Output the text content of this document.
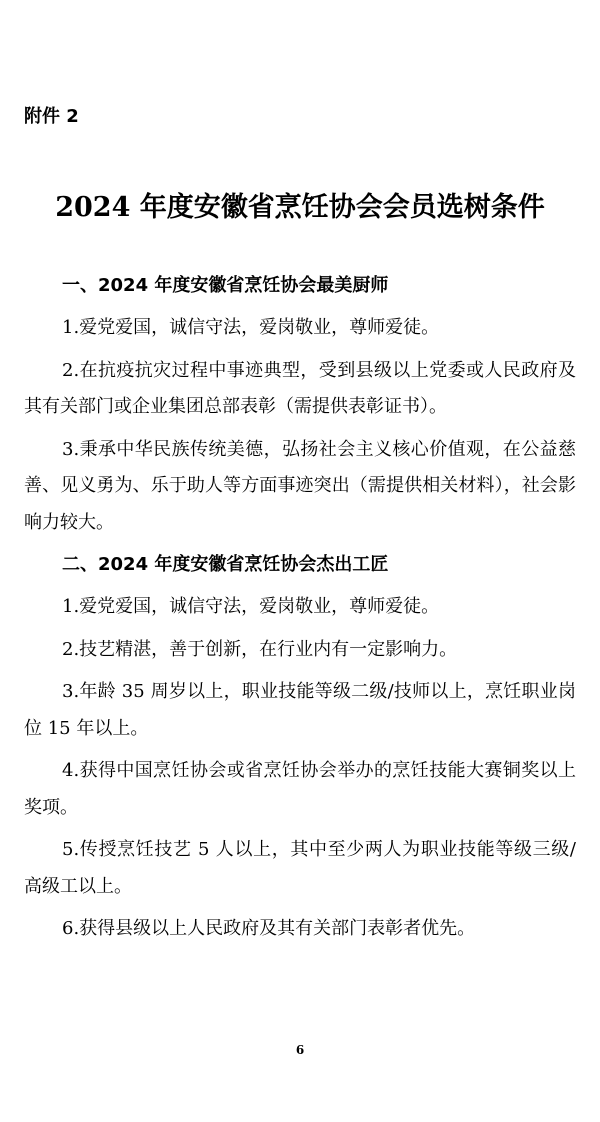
附件 2

2024 年度安徽省烹饪协会会员选树条件

一、2024 年度安徽省烹饪协会最美厨师

1.爱党爱国，诚信守法，爱岗敬业，尊师爱徒。

2.在抗疫抗灾过程中事迹典型，受到县级以上党委或人民政府及其有关部门或企业集团总部表彰（需提供表彰证书）。

3.秉承中华民族传统美德，弘扬社会主义核心价值观，在公益慈善、见义勇为、乐于助人等方面事迹突出（需提供相关材料），社会影响力较大。

二、2024 年度安徽省烹饪协会杰出工匠

1.爱党爱国，诚信守法，爱岗敬业，尊师爱徒。

2.技艺精湛，善于创新，在行业内有一定影响力。

3.年龄 35 周岁以上，职业技能等级二级/技师以上，烹饪职业岗位 15 年以上。

4.获得中国烹饪协会或省烹饪协会举办的烹饪技能大赛铜奖以上奖项。

5.传授烹饪技艺 5 人以上，其中至少两人为职业技能等级三级/高级工以上。

6.获得县级以上人民政府及其有关部门表彰者优先。

6
